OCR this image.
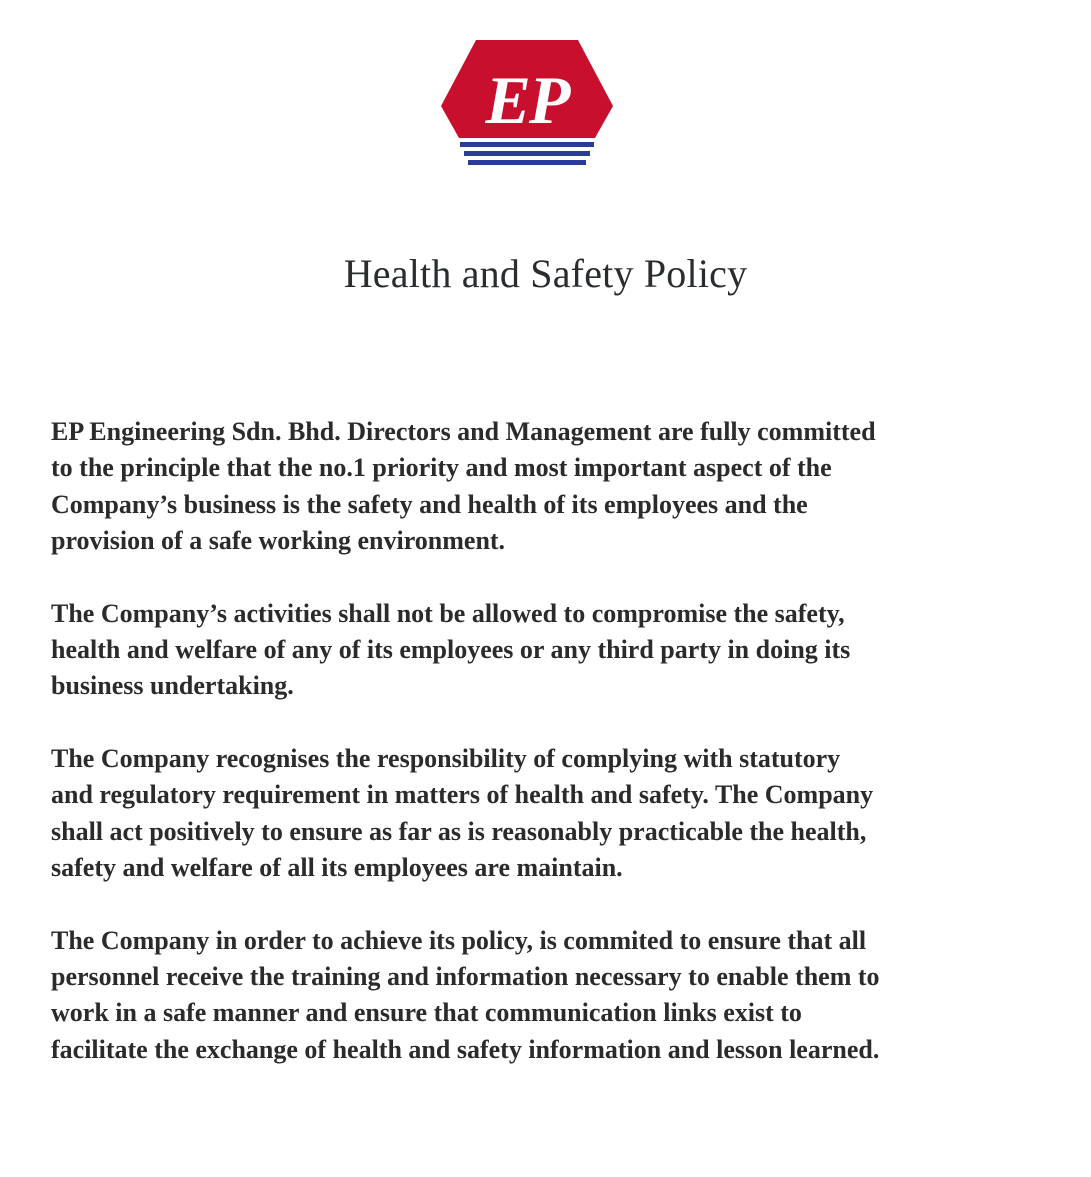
EP
Health and Safety Policy

EP Engineering Sdn. Bhd. Directors and Management are fully committed
to the principle that the no.1 priority and most important aspect of the
Company’s business is the safety and health of its employees and the
provision of a safe working environment.

The Company’s activities shall not be allowed to compromise the safety,
health and welfare of any of its employees or any third party in doing its
business undertaking.

The Company recognises the responsibility of complying with statutory
and regulatory requirement in matters of health and safety. The Company
shall act positively to ensure as far as is reasonably practicable the health,
safety and welfare of all its employees are maintain.

The Company in order to achieve its policy, is commited to ensure that all
personnel receive the training and information necessary to enable them to
work in a safe manner and ensure that communication links exist to
facilitate the exchange of health and safety information and lesson learned.
